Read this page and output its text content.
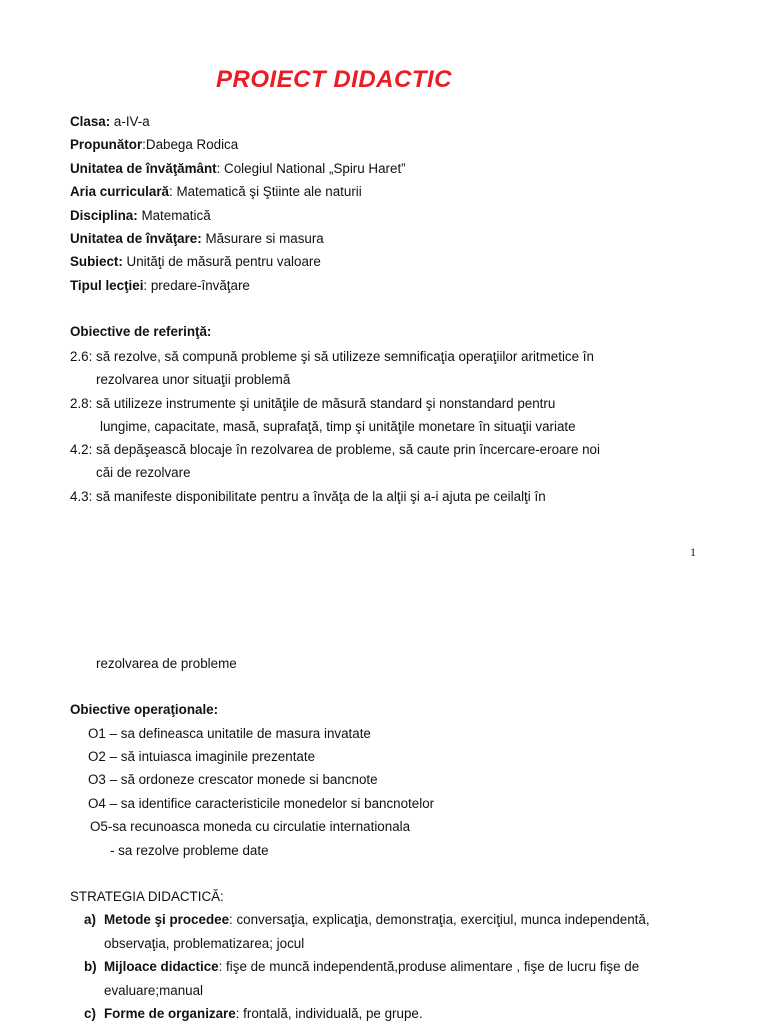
PROIECT DIDACTIC
Clasa: a-IV-a
Propunător:Dabega Rodica
Unitatea de învăţământ: Colegiul National „Spiru Haret”
Aria curriculară: Matematică şi Ştiinte ale naturii
Disciplina: Matematică
Unitatea de învăţare: Măsurare si masura
Subiect: Unităţi de măsură pentru valoare
Tipul lecţiei: predare-învăţare
Obiective de referinţă:
2.6: să rezolve, să compună probleme şi să utilizeze semnificaţia operaţiilor aritmetice în
rezolvarea unor situaţii problemă
2.8: să utilizeze instrumente şi unităţile de măsură standard şi nonstandard pentru
lungime, capacitate, masă, suprafaţă, timp şi unităţile monetare în situaţii variate
4.2: să depăşească blocaje în rezolvarea de probleme, să caute prin încercare-eroare noi
căi de rezolvare
4.3: să manifeste disponibilitate pentru a învăţa de la alţii şi a-i ajuta pe ceilalţi în
1
rezolvarea de probleme
Obiective operaţionale:
O1 – sa defineasca unitatile de masura invatate
O2 – să intuiasca imaginile prezentate
O3 – să ordoneze crescator monede si bancnote
O4 – sa identifice caracteristicile monedelor si bancnotelor
O5-sa recunoasca moneda cu circulatie internationala
- sa rezolve probleme date
STRATEGIA DIDACTICĂ:
a) Metode şi procedee: conversaţia, explicaţia, demonstraţia, exerciţiul, munca independentă,
observaţia, problematizarea; jocul
b) Mijloace didactice: fişe de muncă independentă,produse alimentare , fişe de lucru fişe de
evaluare;manual
c) Forme de organizare: frontală, individuală, pe grupe.
